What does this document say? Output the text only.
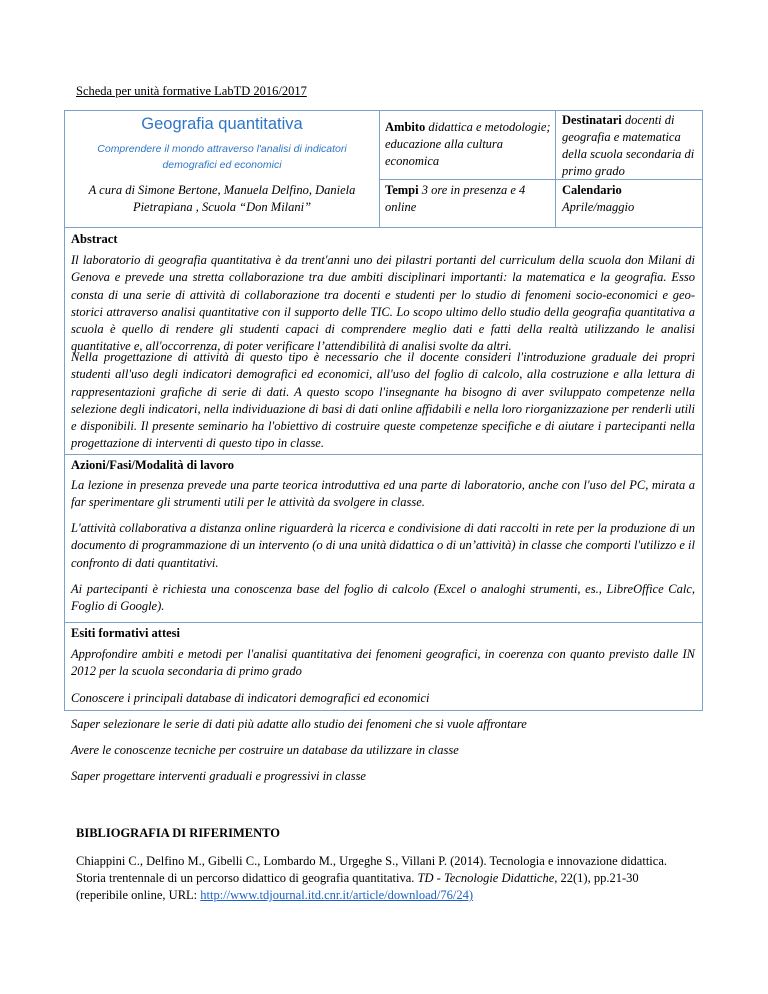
Scheda per unità formative LabTD 2016/2017
Geografia quantitativa
Comprendere il mondo attraverso l'analisi di indicatori demografici ed economici
A cura di Simone Bertone, Manuela Delfino, Daniela Pietrapiana , Scuola “Don Milani”
Ambito didattica e metodologie; educazione alla cultura economica
Destinatari docenti di geografia e matematica della scuola secondaria di primo grado
Tempi 3 ore in presenza e 4 online
Calendario
Aprile/maggio
Abstract
Il laboratorio di geografia quantitativa è da trent'anni uno dei pilastri portanti del curriculum della scuola don Milani di Genova e prevede una stretta collaborazione tra due ambiti disciplinari importanti: la matematica e la geografia. Esso consta di una serie di attività di collaborazione tra docenti e studenti per lo studio di fenomeni socio-economici e geo-storici attraverso analisi quantitative con il supporto delle TIC. Lo scopo ultimo dello studio della geografia quantitativa a scuola è quello di rendere gli studenti capaci di comprendere meglio dati e fatti della realtà utilizzando le analisi quantitative e, all'occorrenza, di poter verificare l’attendibilità di analisi svolte da altri.
Nella progettazione di attività di questo tipo è necessario che il docente consideri l'introduzione graduale dei propri studenti all'uso degli indicatori demografici ed economici, all'uso del foglio di calcolo, alla costruzione e alla lettura di rappresentazioni grafiche di serie di dati. A questo scopo l'insegnante ha bisogno di aver sviluppato competenze nella selezione degli indicatori, nella individuazione di basi di dati online affidabili e nella loro riorganizzazione per renderli utili e disponibili. Il presente seminario ha l'obiettivo di costruire queste competenze specifiche e di aiutare i partecipanti nella progettazione di interventi di questo tipo in classe.
Azioni/Fasi/Modalità di lavoro
La lezione in presenza prevede una parte teorica introduttiva ed una parte di laboratorio, anche con l'uso del PC, mirata a far sperimentare gli strumenti utili per le attività da svolgere in classe.
L'attività collaborativa a distanza online riguarderà la ricerca e condivisione di dati raccolti in rete per la produzione di un documento di programmazione di un intervento (o di una unità didattica o di un’attività) in classe che comporti l'utilizzo e il confronto di dati quantitativi.
Ai partecipanti è richiesta una conoscenza base del foglio di calcolo (Excel o analoghi strumenti, es., LibreOffice Calc, Foglio di Google).
Esiti formativi attesi
Approfondire ambiti e metodi per l'analisi quantitativa dei fenomeni geografici, in coerenza con quanto previsto dalle IN 2012 per la scuola secondaria di primo grado
Conoscere i principali database di indicatori demografici ed economici
Saper selezionare le serie di dati più adatte allo studio dei fenomeni che si vuole affrontare
Avere le conoscenze tecniche per costruire un database da utilizzare in classe
Saper progettare interventi graduali e progressivi in classe
BIBLIOGRAFIA DI RIFERIMENTO
Chiappini C., Delfino M., Gibelli C., Lombardo M., Urgeghe S., Villani P. (2014). Tecnologia e innovazione didattica. Storia trentennale di un percorso didattico di geografia quantitativa. TD - Tecnologie Didattiche, 22(1), pp.21-30
(reperibile online, URL: http://www.tdjournal.itd.cnr.it/article/download/76/24)
